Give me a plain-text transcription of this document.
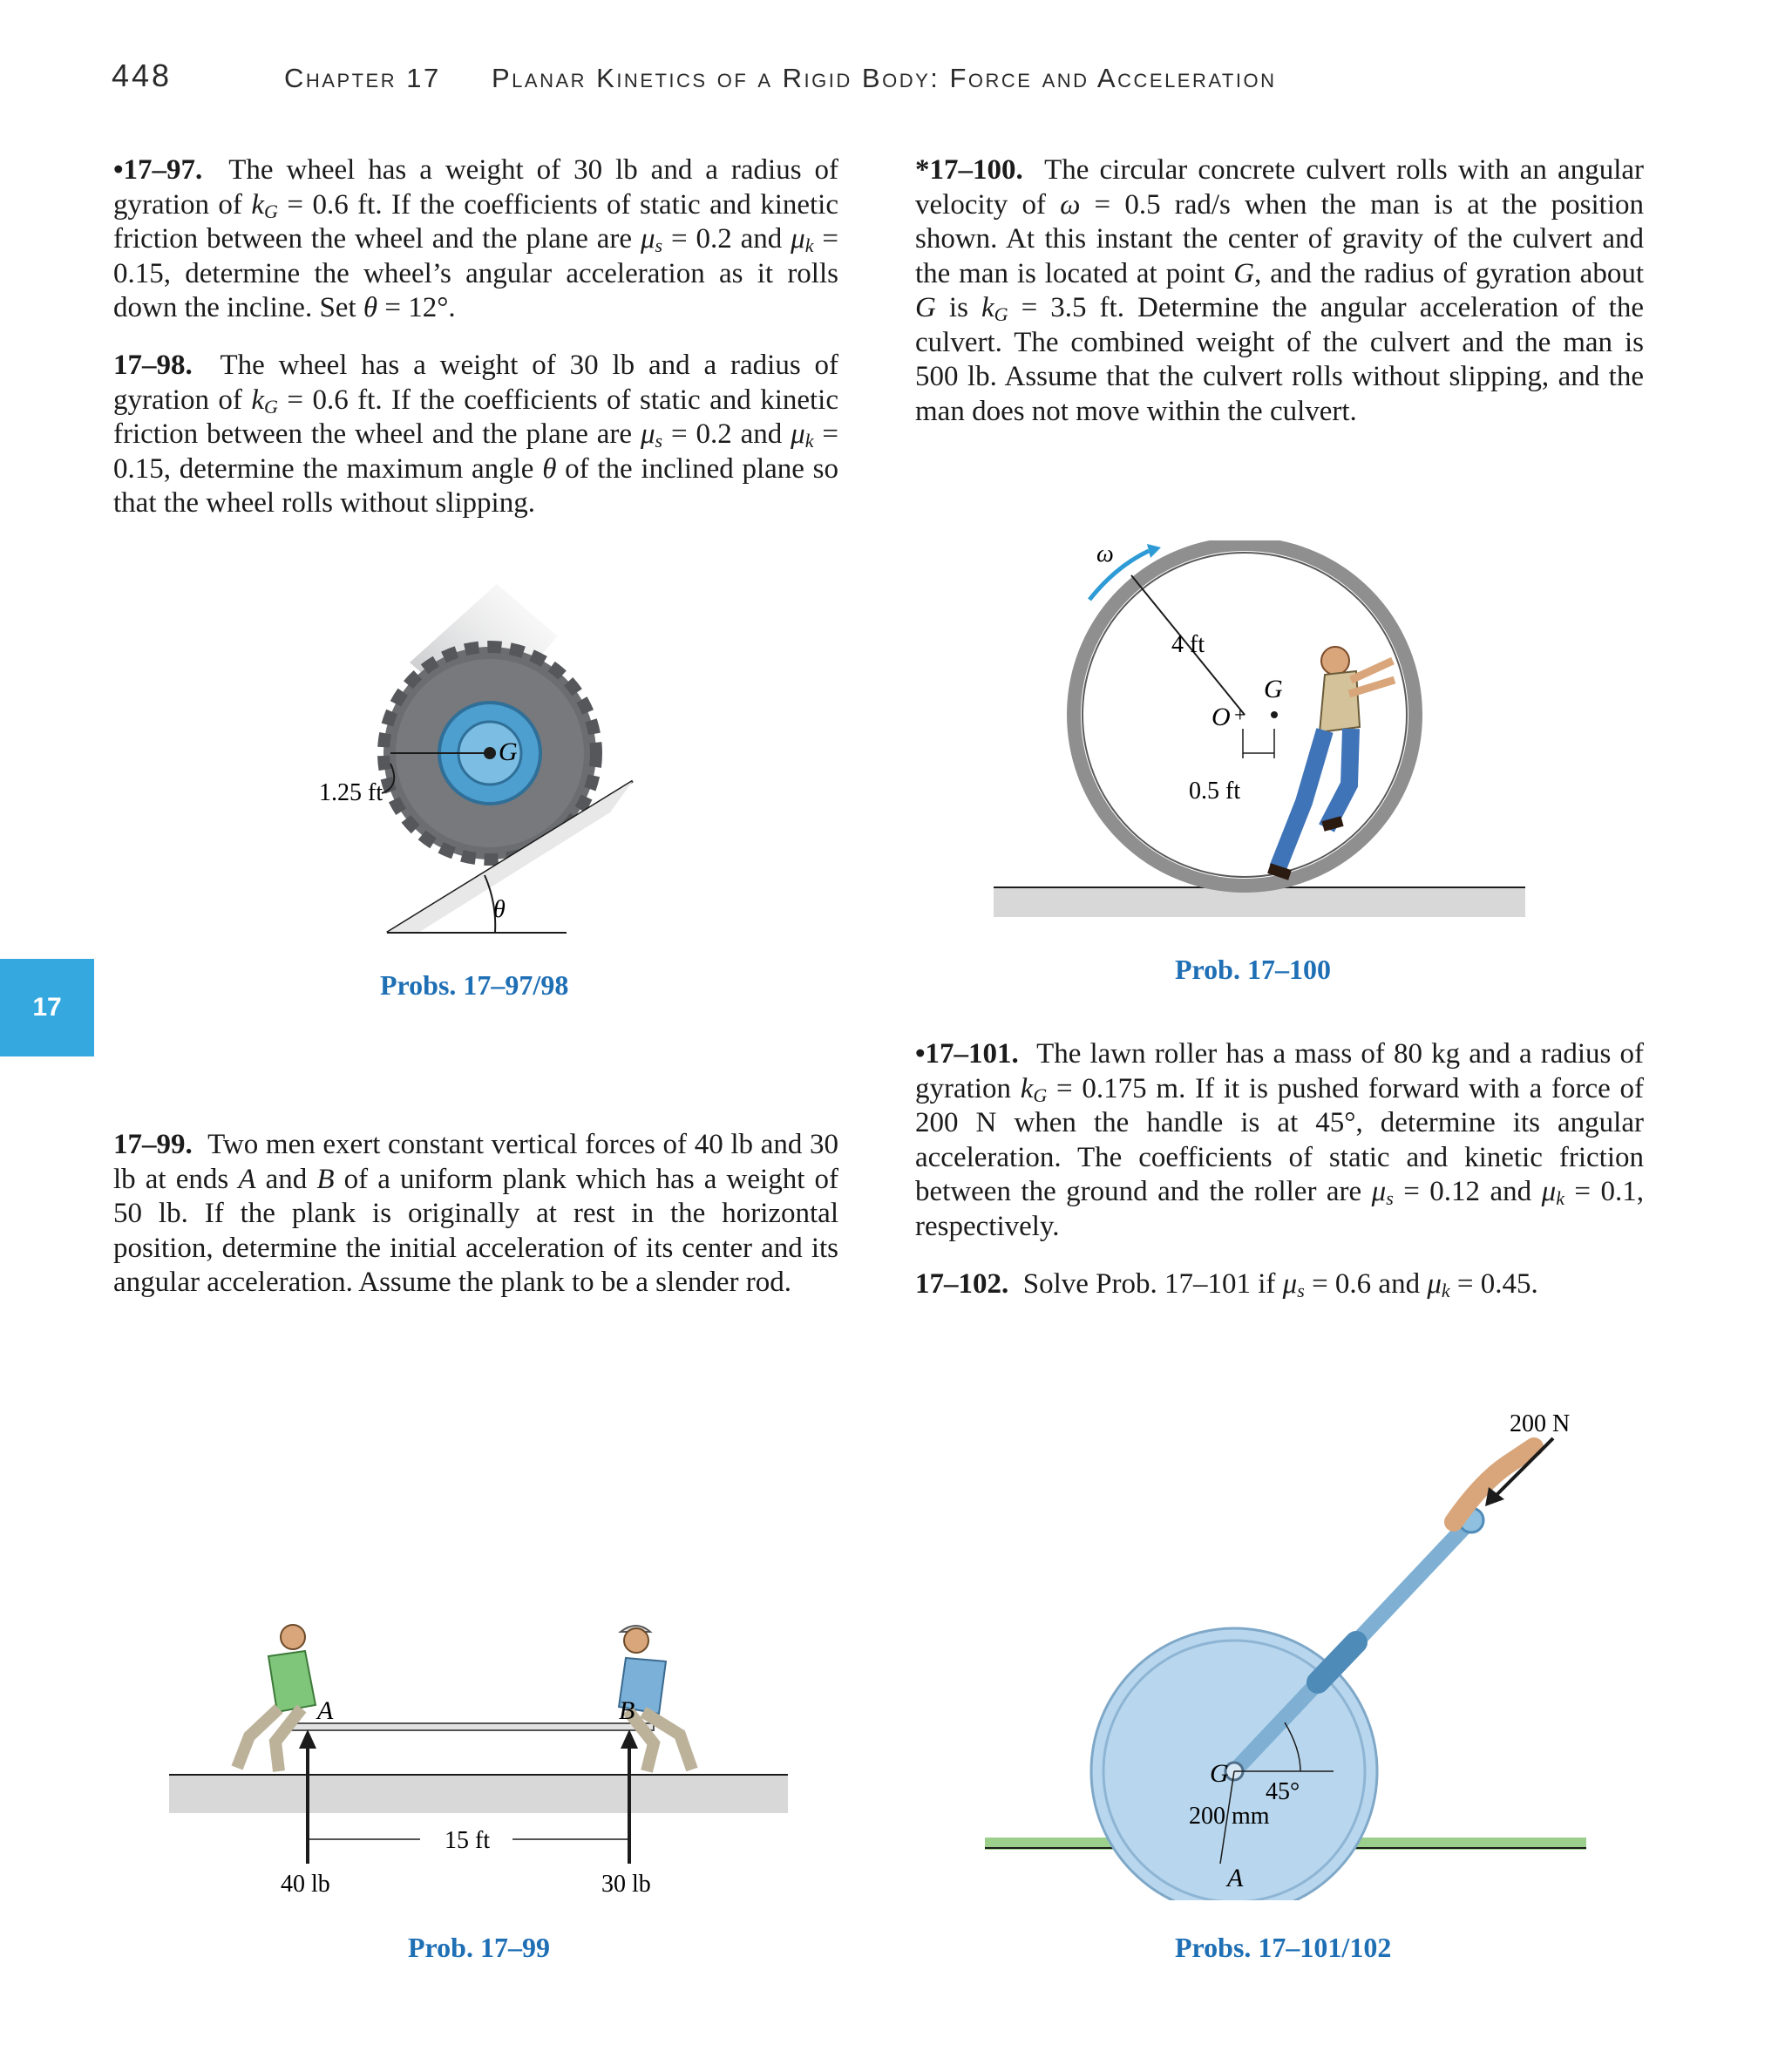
448	Chapter 17 Planar Kinetics of a Rigid Body: Force and Acceleration
17

•17–97. The wheel has a weight of 30 lb and a radius of gyration of $k_G = 0.6$ ft. If the coefficients of static and kinetic friction between the wheel and the plane are $\mu_s = 0.2$ and $\mu_k = 0.15$, determine the wheel’s angular acceleration as it rolls down the incline. Set θ = 12°.

17–98. The wheel has a weight of 30 lb and a radius of gyration of $k_G = 0.6$ ft. If the coefficients of static and kinetic friction between the wheel and the plane are $\mu_s = 0.2$ and $\mu_k = 0.15$, determine the maximum angle θ of the inclined plane so that the wheel rolls without slipping.

*17–100. The circular concrete culvert rolls with an angular velocity of ω = 0.5 rad/s when the man is at the position shown. At this instant the center of gravity of the culvert and the man is located at point G, and the radius of gyration about G is $k_G = 3.5$ ft. Determine the angular acceleration of the culvert. The combined weight of the culvert and the man is 500 lb. Assume that the culvert rolls without slipping, and the man does not move within the culvert.

17–99. Two men exert constant vertical forces of 40 lb and 30 lb at ends A and B of a uniform plank which has a weight of 50 lb. If the plank is originally at rest in the horizontal position, determine the initial acceleration of its center and its angular acceleration. Assume the plank to be a slender rod.

•17–101. The lawn roller has a mass of 80 kg and a radius of gyration $k_G = 0.175$ m. If it is pushed forward with a force of 200 N when the handle is at 45°, determine its angular acceleration. The coefficients of static and kinetic friction between the ground and the roller are $\mu_s = 0.12$ and $\mu_k = 0.1$, respectively.

17–102. Solve Prob. 17–101 if $\mu_s = 0.6$ and $\mu_k = 0.45$.

G
1.25 ft
θ
Probs. 17–97/98
ω
4 ft
O +
G
0.5 ft
Prob. 17–100
A	B
15 ft
40 lb	30 lb
Prob. 17–99
200 N
G
45°
200 mm
A
Probs. 17–101/102
